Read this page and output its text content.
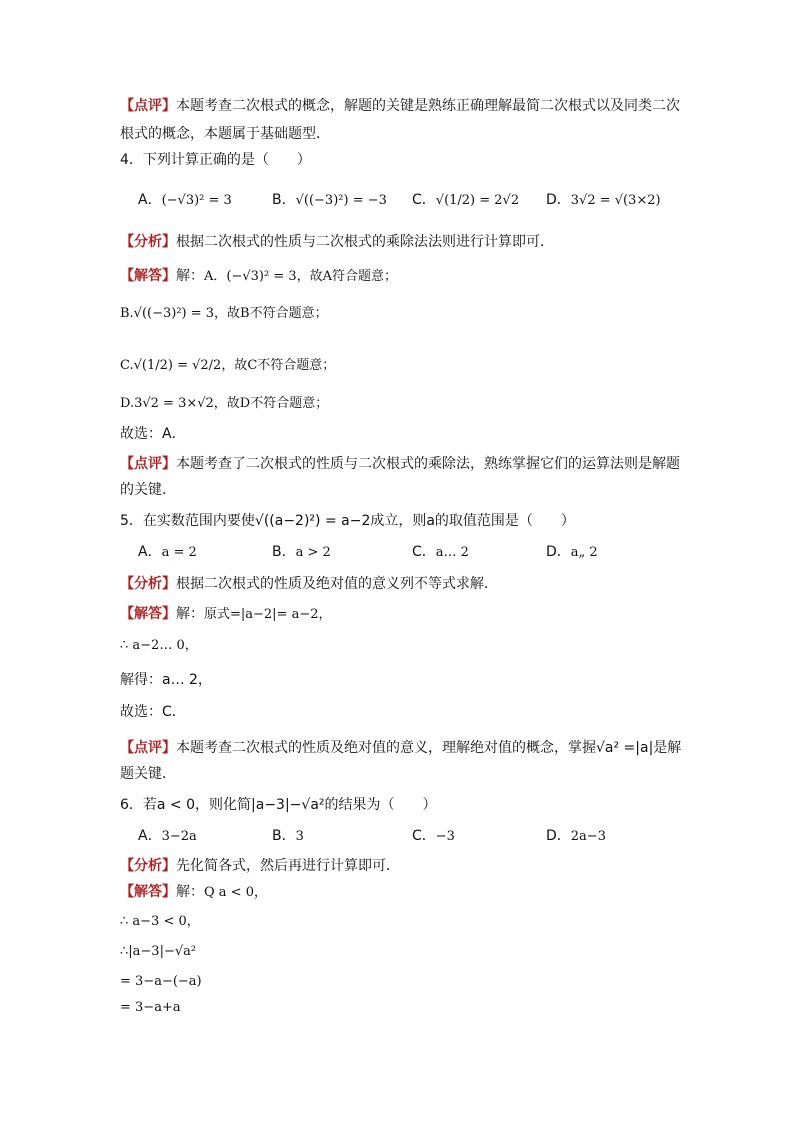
【点评】本题考查二次根式的概念，解题的关键是熟练正确理解最简二次根式以及同类二次
根式的概念，本题属于基础题型．
4．下列计算正确的是（　　）
A．(−√3)² = 3	B．√((−3)²) = −3 C．√(1/2) = 2√2 D．3√2 = √(3×2)
【分析】根据二次根式的性质与二次根式的乘除法法则进行计算即可．
【解答】解：A．(−√3)² = 3，故A符合题意；
B.√((−3)²) = 3，故B不符合题意；
C.√(1/2) = √2/2，故C不符合题意；
D.3√2 = 3×√2，故D不符合题意；
故选：A．
【点评】本题考查了二次根式的性质与二次根式的乘除法，熟练掌握它们的运算法则是解题
的关键．
5．在实数范围内要使√((a−2)²) = a−2成立，则a的取值范围是（　　）
A．a = 2	B．a > 2	C．a… 2	D．a„ 2
【分析】根据二次根式的性质及绝对值的意义列不等式求解．
【解答】解：原式=|a−2|= a−2，
∴ a−2… 0，
解得：a… 2，
故选：C．
【点评】本题考查二次根式的性质及绝对值的意义，理解绝对值的概念，掌握√a² =|a|是解
题关键．
6．若a < 0，则化简|a−3|−√a²的结果为（　　）
A．3−2a	B．3	C．−3	D．2a−3
【分析】先化简各式，然后再进行计算即可．
【解答】解：Q a < 0，
∴ a−3 < 0，
∴|a−3|−√a²
= 3−a−(−a)
= 3−a+a
